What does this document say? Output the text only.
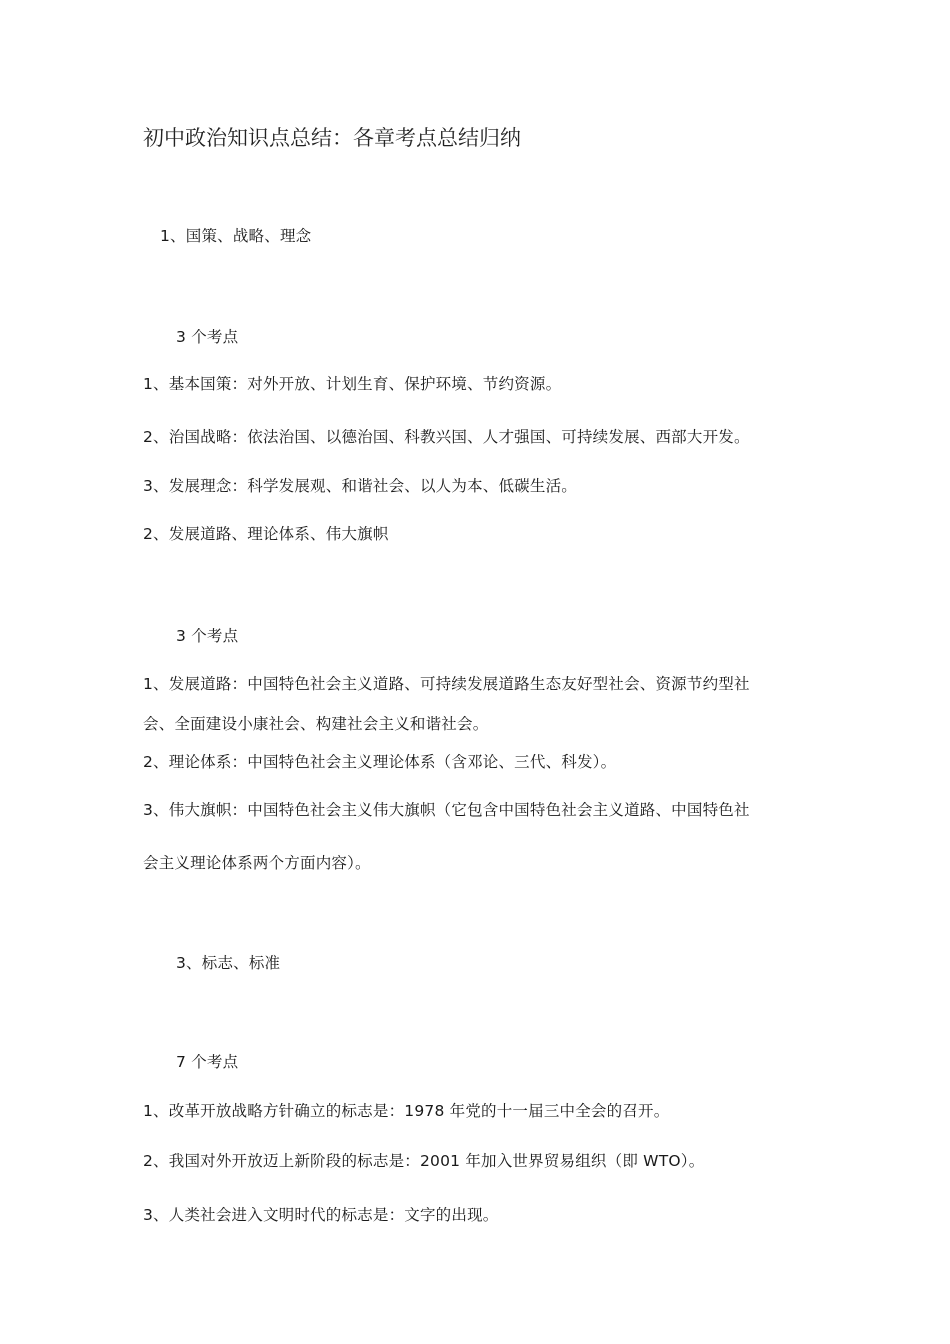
初中政治知识点总结：各章考点总结归纳
1、国策、战略、理念
3 个考点
1、基本国策：对外开放、计划生育、保护环境、节约资源。
2、治国战略：依法治国、以德治国、科教兴国、人才强国、可持续发展、西部大开发。
3、发展理念：科学发展观、和谐社会、以人为本、低碳生活。
2、发展道路、理论体系、伟大旗帜
3 个考点
1、发展道路：中国特色社会主义道路、可持续发展道路生态友好型社会、资源节约型社
会、全面建设小康社会、构建社会主义和谐社会。
2、理论体系：中国特色社会主义理论体系（含邓论、三代、科发）。
3、伟大旗帜：中国特色社会主义伟大旗帜（它包含中国特色社会主义道路、中国特色社
会主义理论体系两个方面内容）。
3、标志、标准
7 个考点
1、改革开放战略方针确立的标志是：1978 年党的十一届三中全会的召开。
2、我国对外开放迈上新阶段的标志是：2001 年加入世界贸易组织（即 WTO）。
3、人类社会进入文明时代的标志是：文字的出现。
